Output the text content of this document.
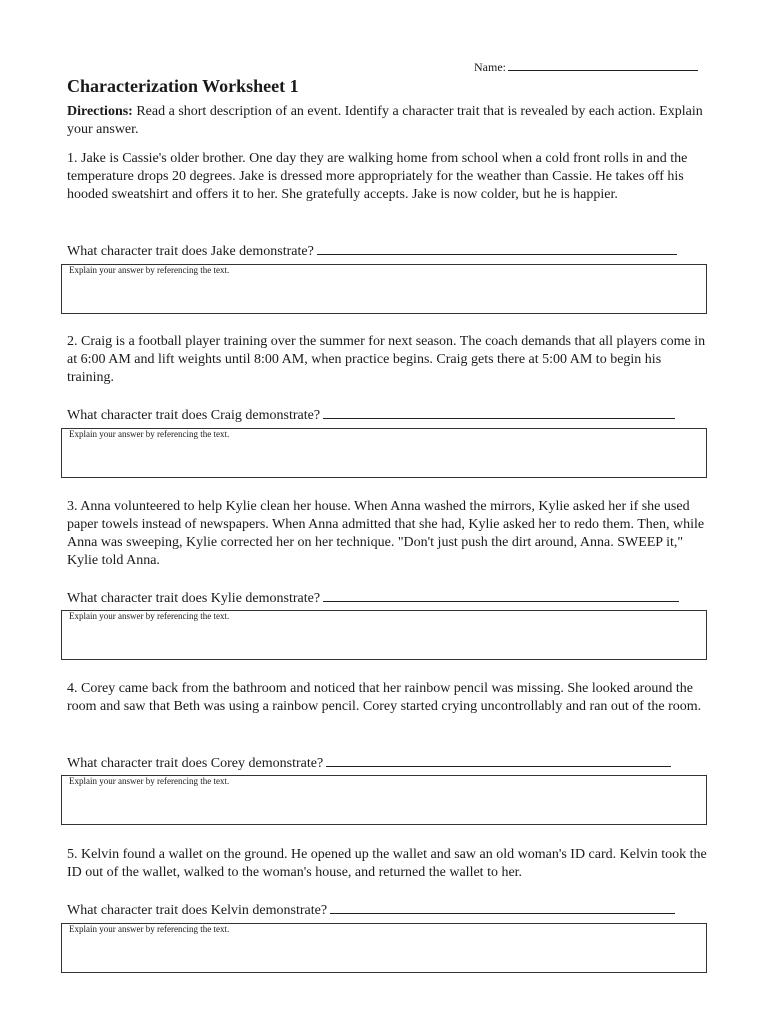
Name:
Characterization Worksheet 1
Directions: Read a short description of an event. Identify a character trait that is revealed by each action. Explain your answer.

1. Jake is Cassie's older brother. One day they are walking home from school when a cold front rolls in and the temperature drops 20 degrees. Jake is dressed more appropriately for the weather than Cassie. He takes off his hooded sweatshirt and offers it to her. She gratefully accepts. Jake is now colder, but he is happier.

What character trait does Jake demonstrate?
Explain your answer by referencing the text.

2. Craig is a football player training over the summer for next season. The coach demands that all players come in at 6:00 AM and lift weights until 8:00 AM, when practice begins. Craig gets there at 5:00 AM to begin his training.

What character trait does Craig demonstrate?
Explain your answer by referencing the text.

3. Anna volunteered to help Kylie clean her house. When Anna washed the mirrors, Kylie asked her if she used paper towels instead of newspapers. When Anna admitted that she had, Kylie asked her to redo them. Then, while Anna was sweeping, Kylie corrected her on her technique. "Don't just push the dirt around, Anna. SWEEP it," Kylie told Anna.

What character trait does Kylie demonstrate?
Explain your answer by referencing the text.

4. Corey came back from the bathroom and noticed that her rainbow pencil was missing. She looked around the room and saw that Beth was using a rainbow pencil. Corey started crying uncontrollably and ran out of the room.

What character trait does Corey demonstrate?
Explain your answer by referencing the text.

5. Kelvin found a wallet on the ground. He opened up the wallet and saw an old woman's ID card. Kelvin took the ID out of the wallet, walked to the woman's house, and returned the wallet to her.

What character trait does Kelvin demonstrate?
Explain your answer by referencing the text.
